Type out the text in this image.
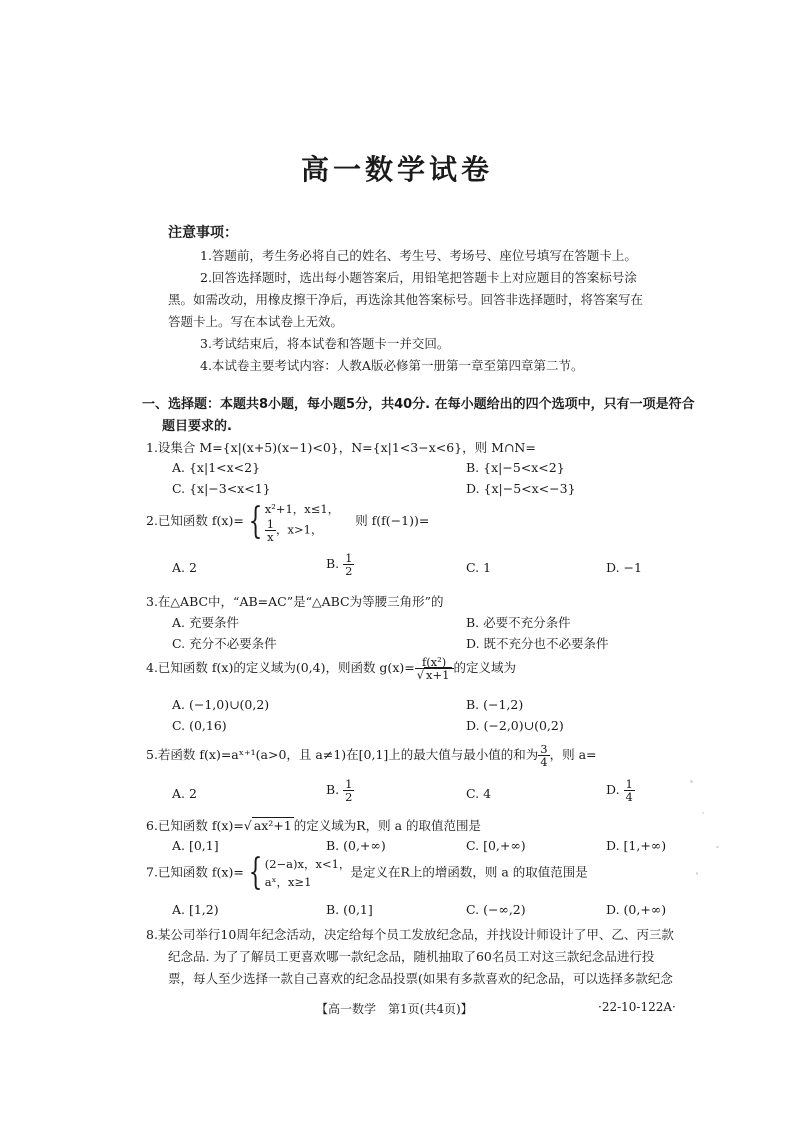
高一数学试卷
注意事项：
1.答题前，考生务必将自己的姓名、考生号、考场号、座位号填写在答题卡上。
2.回答选择题时，选出每小题答案后，用铅笔把答题卡上对应题目的答案标号涂
黑。如需改动，用橡皮擦干净后，再选涂其他答案标号。回答非选择题时，将答案写在
答题卡上。写在本试卷上无效。
3.考试结束后，将本试卷和答题卡一并交回。
4.本试卷主要考试内容：人教A版必修第一册第一章至第四章第二节。
一、选择题：本题共8小题，每小题5分，共40分. 在每小题给出的四个选项中，只有一项是符合
题目要求的.
1.设集合 M={x|(x+5)(x−1)<0}，N={x|1<3−x<6}，则 M∩N=
A. {x|1<x<2}	B. {x|−5<x<2}
C. {x|−3<x<1}	D. {x|−5<x<−3}
2.已知函数 f(x)= { x²+1，x≤1，
$\frac{1}{x}$ ，x>1，
则 f(f(−1))=
A. 2	B. $\frac{1}{2}$	C. 1	D. −1
3.在△ABC中，“AB=AC”是“△ABC为等腰三角形”的
A. 充要条件	B. 必要不充分条件
C. 充分不必要条件	D. 既不充分也不必要条件
4.已知函数 f(x)的定义域为(0,4)，则函数 $g(x)= \frac{\text{f(x²)}}{√ x+1}$ 的定义域为
A. (−1,0)∪(0,2)	B. (−1,2)
C. (0,16)	D. (−2,0)∪(0,2)
5.若函数 f(x)=aˣ⁺¹(a>0，且 a≠1)在[0,1]上的最大值与最小值的和为 $\frac{3}{4}$ ，则 a=
A. 2	B. $\frac{1}{2}$	C. 4	D. $\frac{1}{4}$
6.已知函数 f(x)=√ ax²+1 的定义域为R，则 a 的取值范围是
A. [0,1]	B. (0,+∞)	C. [0,+∞)	D. [1,+∞)
7.已知函数 f(x)= { (2−a)x，x<1，
aˣ，x≥1
是定义在R上的增函数，则 a 的取值范围是
A. [1,2)	B. (0,1]	C. (−∞,2)	D. (0,+∞)
8.某公司举行10周年纪念活动，决定给每个员工发放纪念品，并找设计师设计了甲、乙、丙三款
纪念品. 为了了解员工更喜欢哪一款纪念品，随机抽取了60名员工对这三款纪念品进行投
票，每人至少选择一款自己喜欢的纪念品投票(如果有多款喜欢的纪念品，可以选择多款纪念
【高一数学　第1页(共4页)】	·22-10-122A·
